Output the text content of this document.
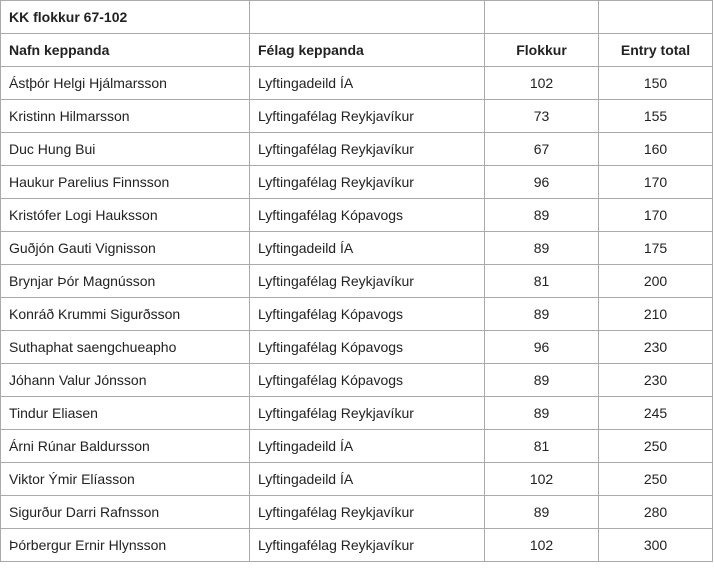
KK flokkur 67-102			
Nafn keppanda	Félag keppanda	Flokkur	Entry total
Ástþór Helgi Hjálmarsson	Lyftingadeild ÍA	102	150
Kristinn Hilmarsson	Lyftingafélag Reykjavíkur	73	155
Duc Hung Bui	Lyftingafélag Reykjavíkur	67	160
Haukur Parelius Finnsson	Lyftingafélag Reykjavíkur	96	170
Kristófer Logi Hauksson	Lyftingafélag Kópavogs	89	170
Guðjón Gauti Vignisson	Lyftingadeild ÍA	89	175
Brynjar Þór Magnússon	Lyftingafélag Reykjavíkur	81	200
Konráð Krummi Sigurðsson	Lyftingafélag Kópavogs	89	210
Suthaphat saengchueapho	Lyftingafélag Kópavogs	96	230
Jóhann Valur Jónsson	Lyftingafélag Kópavogs	89	230
Tindur Eliasen	Lyftingafélag Reykjavíkur	89	245
Árni Rúnar Baldursson	Lyftingadeild ÍA	81	250
Viktor Ýmir Elíasson	Lyftingadeild ÍA	102	250
Sigurður Darri Rafnsson	Lyftingafélag Reykjavíkur	89	280
Þórbergur Ernir Hlynsson	Lyftingafélag Reykjavíkur	102	300
